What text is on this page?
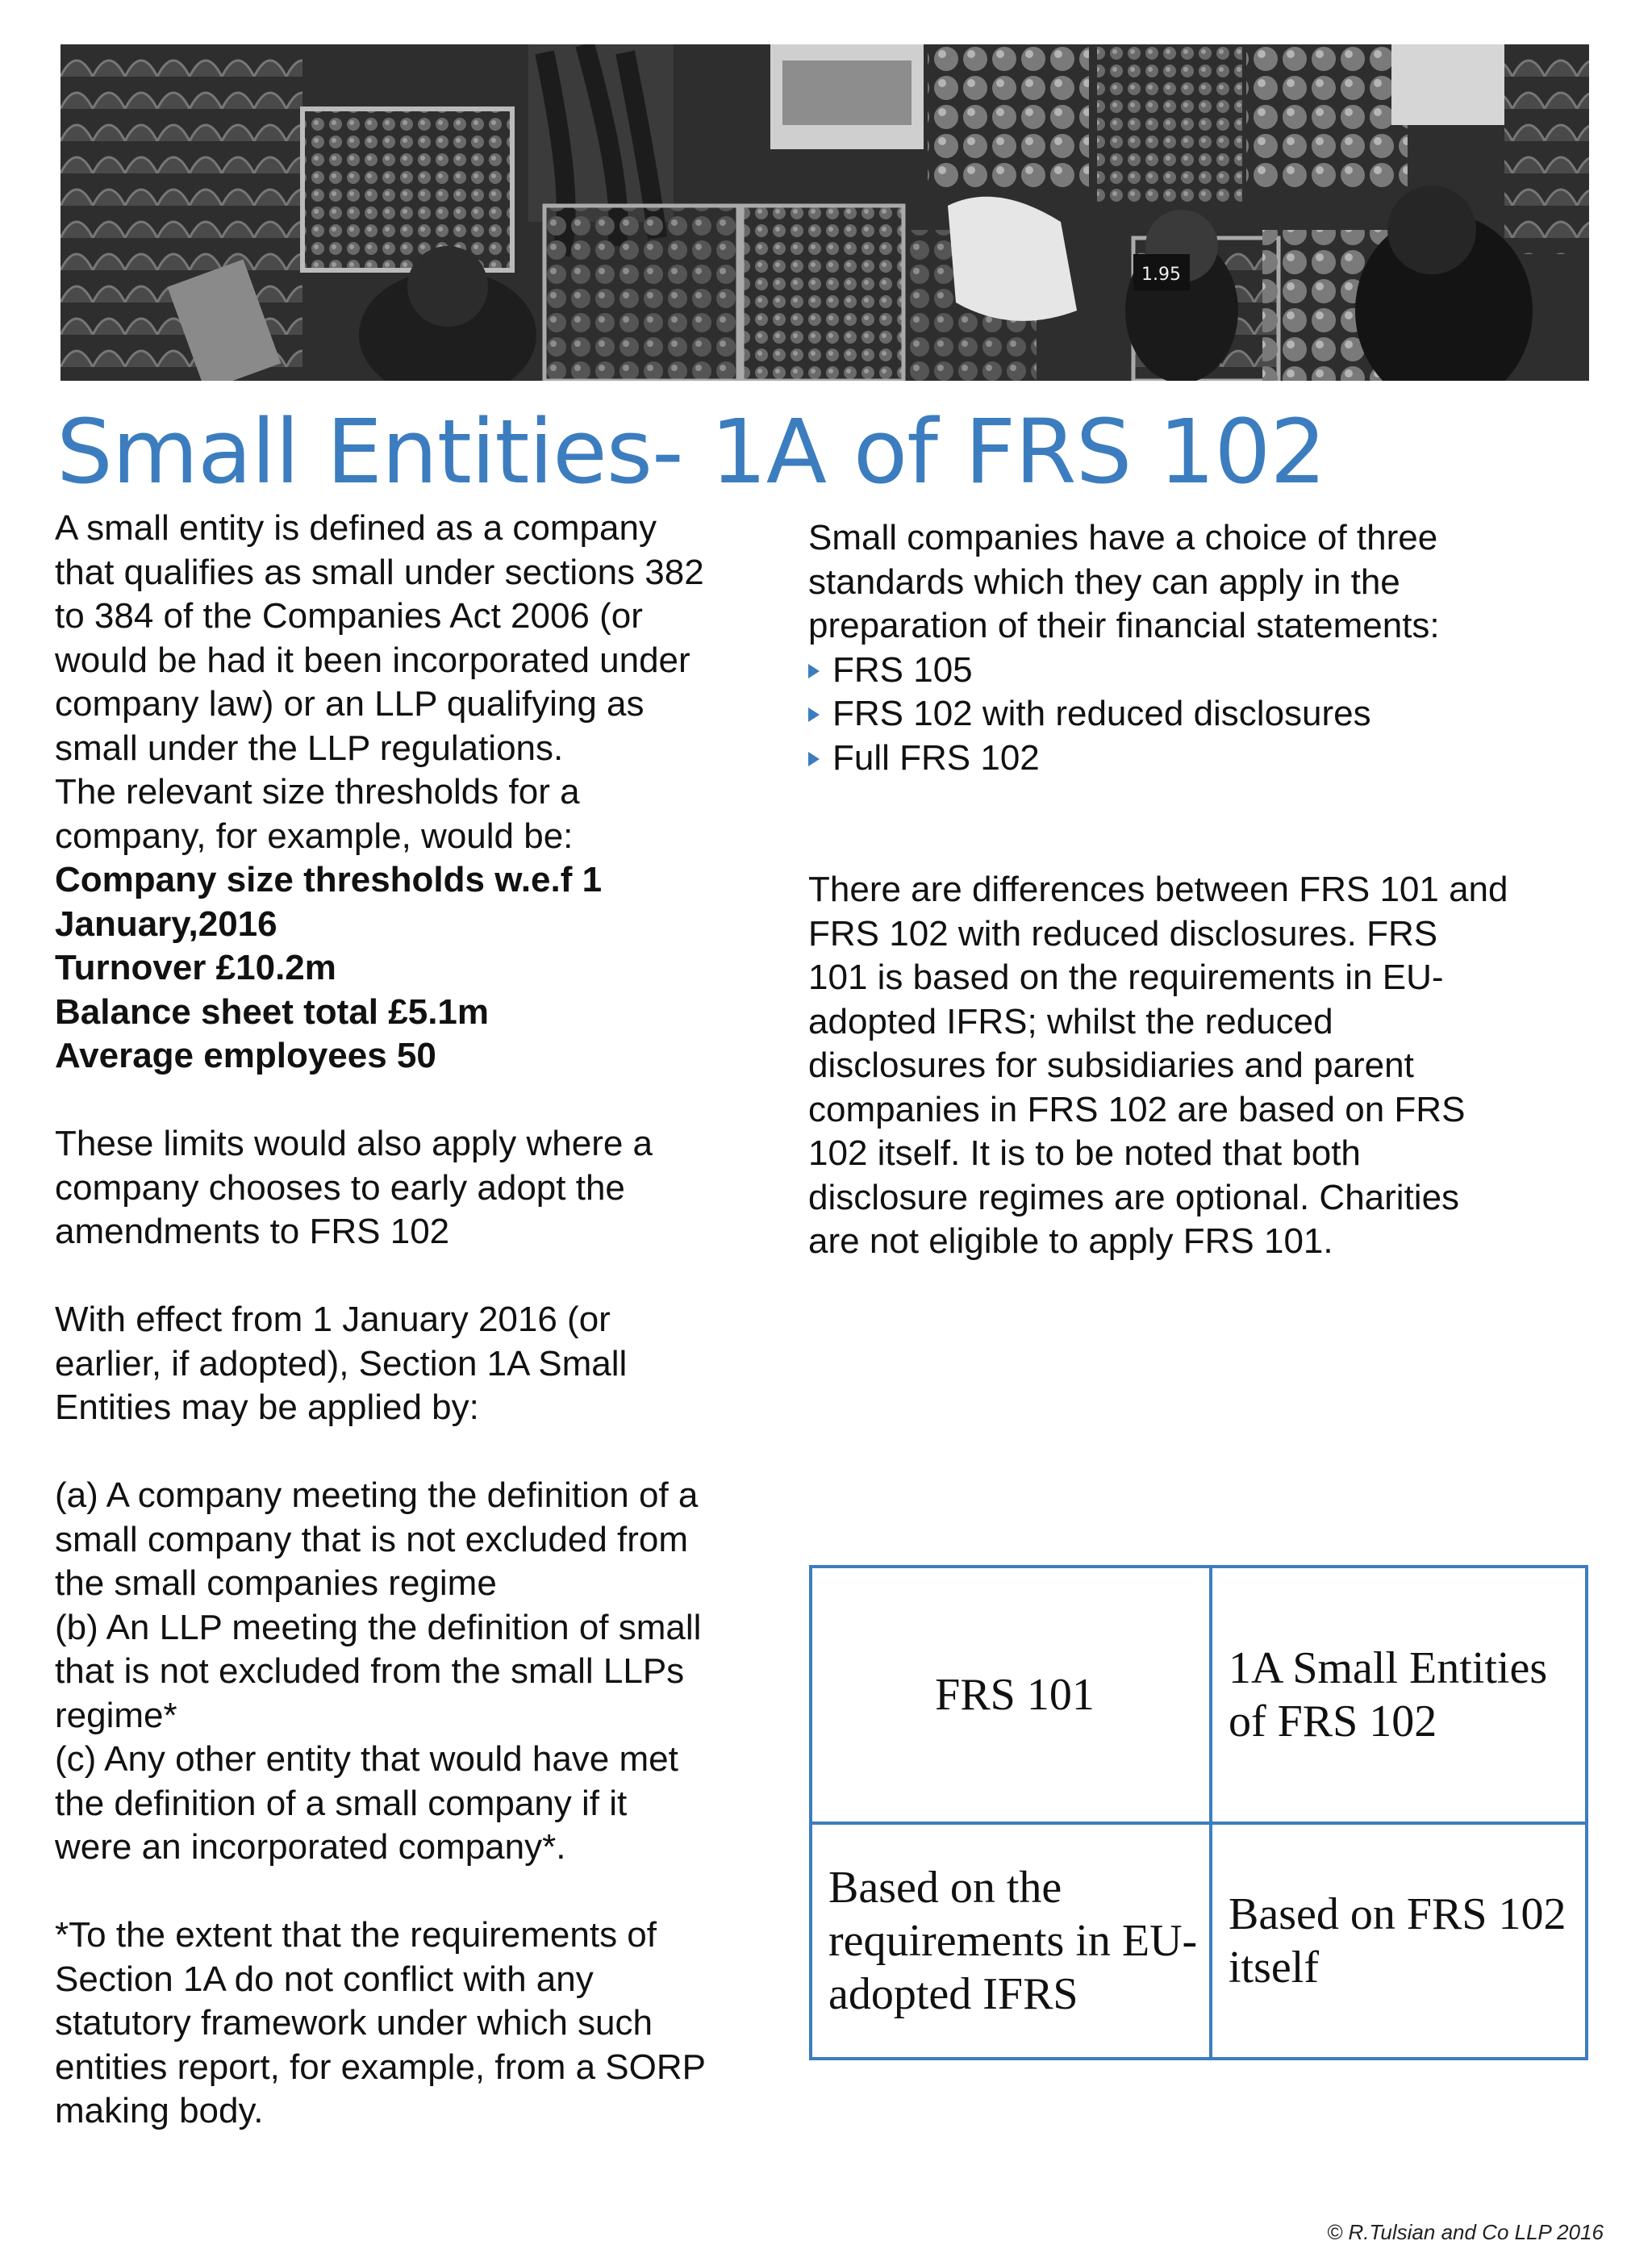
1.95
Small Entities- 1A of FRS 102

A small entity is defined as a company

that qualifies as small under sections 382

to 384 of the Companies Act 2006 (or

would be had it been incorporated under

company law) or an LLP qualifying as

small under the LLP regulations.

The relevant size thresholds for a

company, for example, would be:

Company size thresholds w.e.f 1

January,2016

Turnover £10.2m

Balance sheet total £5.1m

Average employees 50

These limits would also apply where a

company chooses to early adopt the

amendments to FRS 102

With effect from 1 January 2016 (or

earlier, if adopted), Section 1A Small

Entities may be applied by:

(a) A company meeting the definition of a

small company that is not excluded from

the small companies regime

(b) An LLP meeting the definition of small

that is not excluded from the small LLPs

regime*

(c) Any other entity that would have met

the definition of a small company if it

were an incorporated company*.

*To the extent that the requirements of

Section 1A do not conflict with any

statutory framework under which such

entities report, for example, from a SORP

making body.

Small companies have a choice of three

standards which they can apply in the

preparation of their financial statements:

FRS 105
FRS 102 with reduced disclosures
Full FRS 102

There are differences between FRS 101 and

FRS 102 with reduced disclosures. FRS

101 is based on the requirements in EU-

adopted IFRS; whilst the reduced

disclosures for subsidiaries and parent

companies in FRS 102 are based on FRS

102 itself. It is to be noted that both

disclosure regimes are optional. Charities

are not eligible to apply FRS 101.

FRS 101	1A Small Entities of FRS 102
Based on the requirements in EU-adopted IFRS	Based on FRS 102 itself
© R.Tulsian and Co LLP 2016
